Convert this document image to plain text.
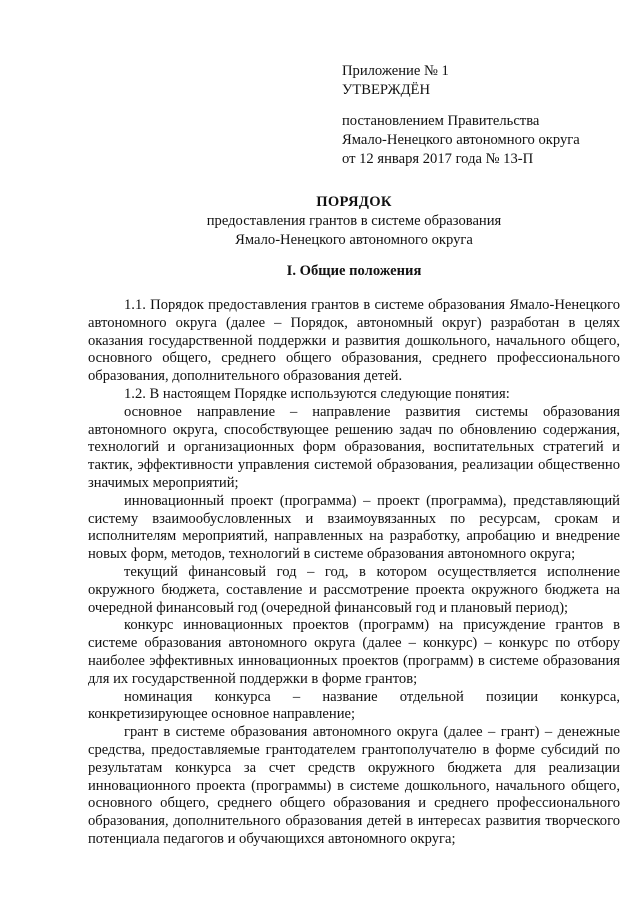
Приложение № 1
УТВЕРЖДЁН
постановлением Правительства
Ямало-Ненецкого автономного округа
от 12 января 2017 года № 13-П
ПОРЯДОК
предоставления грантов в системе образования
Ямало-Ненецкого автономного округа
I. Общие положения

1.1. Порядок предоставления грантов в системе образования Ямало-Ненецкого автономного округа (далее – Порядок, автономный округ) разработан в целях оказания государственной поддержки и развития дошкольного, начального общего, основного общего, среднего общего образования, среднего профессионального образования, дополнительного образования детей.

1.2. В настоящем Порядке используются следующие понятия:

основное направление – направление развития системы образования автономного округа, способствующее решению задач по обновлению содержания, технологий и организационных форм образования, воспитательных стратегий и тактик, эффективности управления системой образования, реализации общественно значимых мероприятий;

инновационный проект (программа) – проект (программа), представляющий систему взаимообусловленных и взаимоувязанных по ресурсам, срокам и исполнителям мероприятий, направленных на разработку, апробацию и внедрение новых форм, методов, технологий в системе образования автономного округа;

текущий финансовый год – год, в котором осуществляется исполнение окружного бюджета, составление и рассмотрение проекта окружного бюджета на очередной финансовый год (очередной финансовый год и плановый период);

конкурс инновационных проектов (программ) на присуждение грантов в системе образования автономного округа (далее – конкурс) – конкурс по отбору наиболее эффективных инновационных проектов (программ) в системе образования для их государственной поддержки в форме грантов;

номинация конкурса – название отдельной позиции конкурса, конкретизирующее основное направление;

грант в системе образования автономного округа (далее – грант) – денежные средства, предоставляемые грантодателем грантополучателю в форме субсидий по результатам конкурса за счет средств окружного бюджета для реализации инновационного проекта (программы) в системе дошкольного, начального общего, основного общего, среднего общего образования и среднего профессионального образования, дополнительного образования детей в интересах развития творческого потенциала педагогов и обучающихся автономного округа;
